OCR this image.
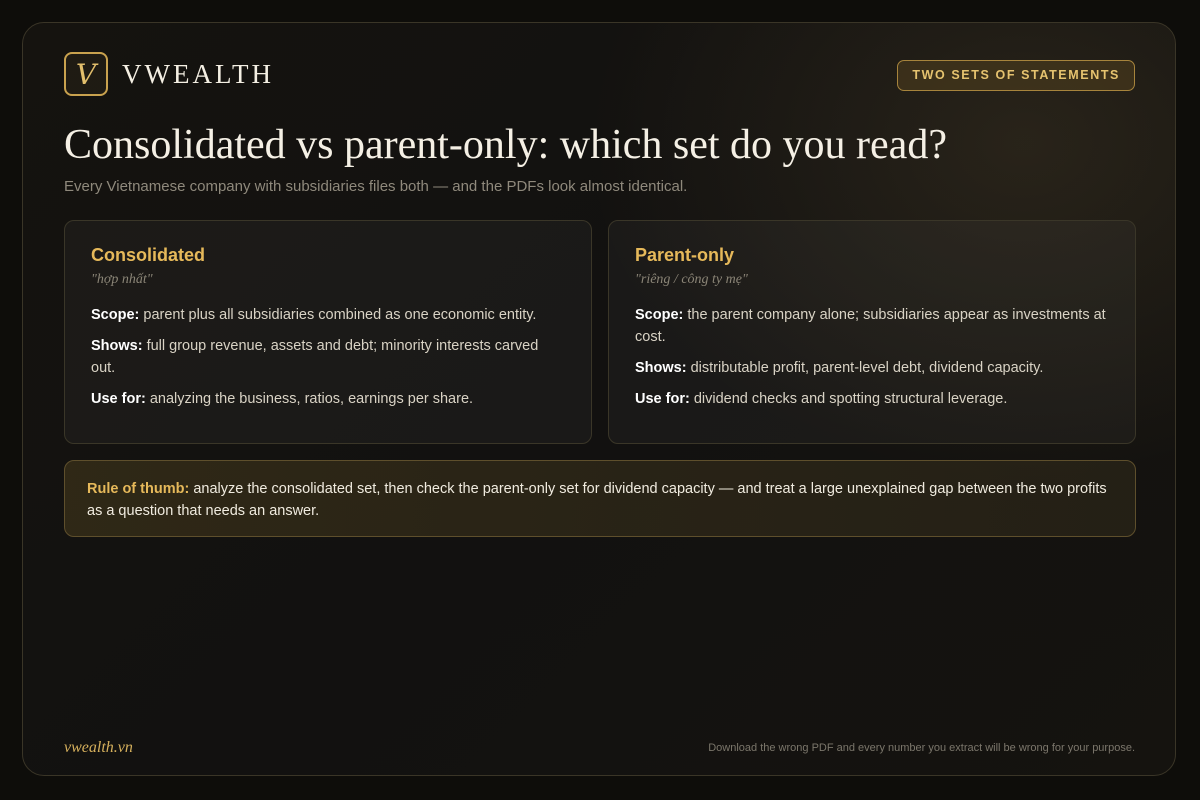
V VWEALTH	TWO SETS OF STATEMENTS
Consolidated vs parent-only: which set do you read?
Every Vietnamese company with subsidiaries files both — and the PDFs look almost identical.
Consolidated
"hợp nhất"

Scope: parent plus all subsidiaries combined as one economic entity.

Shows: full group revenue, assets and debt; minority interests carved out.

Use for: analyzing the business, ratios, earnings per share.

Parent-only
"riêng / công ty mẹ"

Scope: the parent company alone; subsidiaries appear as investments at cost.

Shows: distributable profit, parent-level debt, dividend capacity.

Use for: dividend checks and spotting structural leverage.

Rule of thumb: analyze the consolidated set, then check the parent-only set for dividend capacity — and treat a large unexplained gap between the two profits as a question that needs an answer.
vwealth.vn	Download the wrong PDF and every number you extract will be wrong for your purpose.
